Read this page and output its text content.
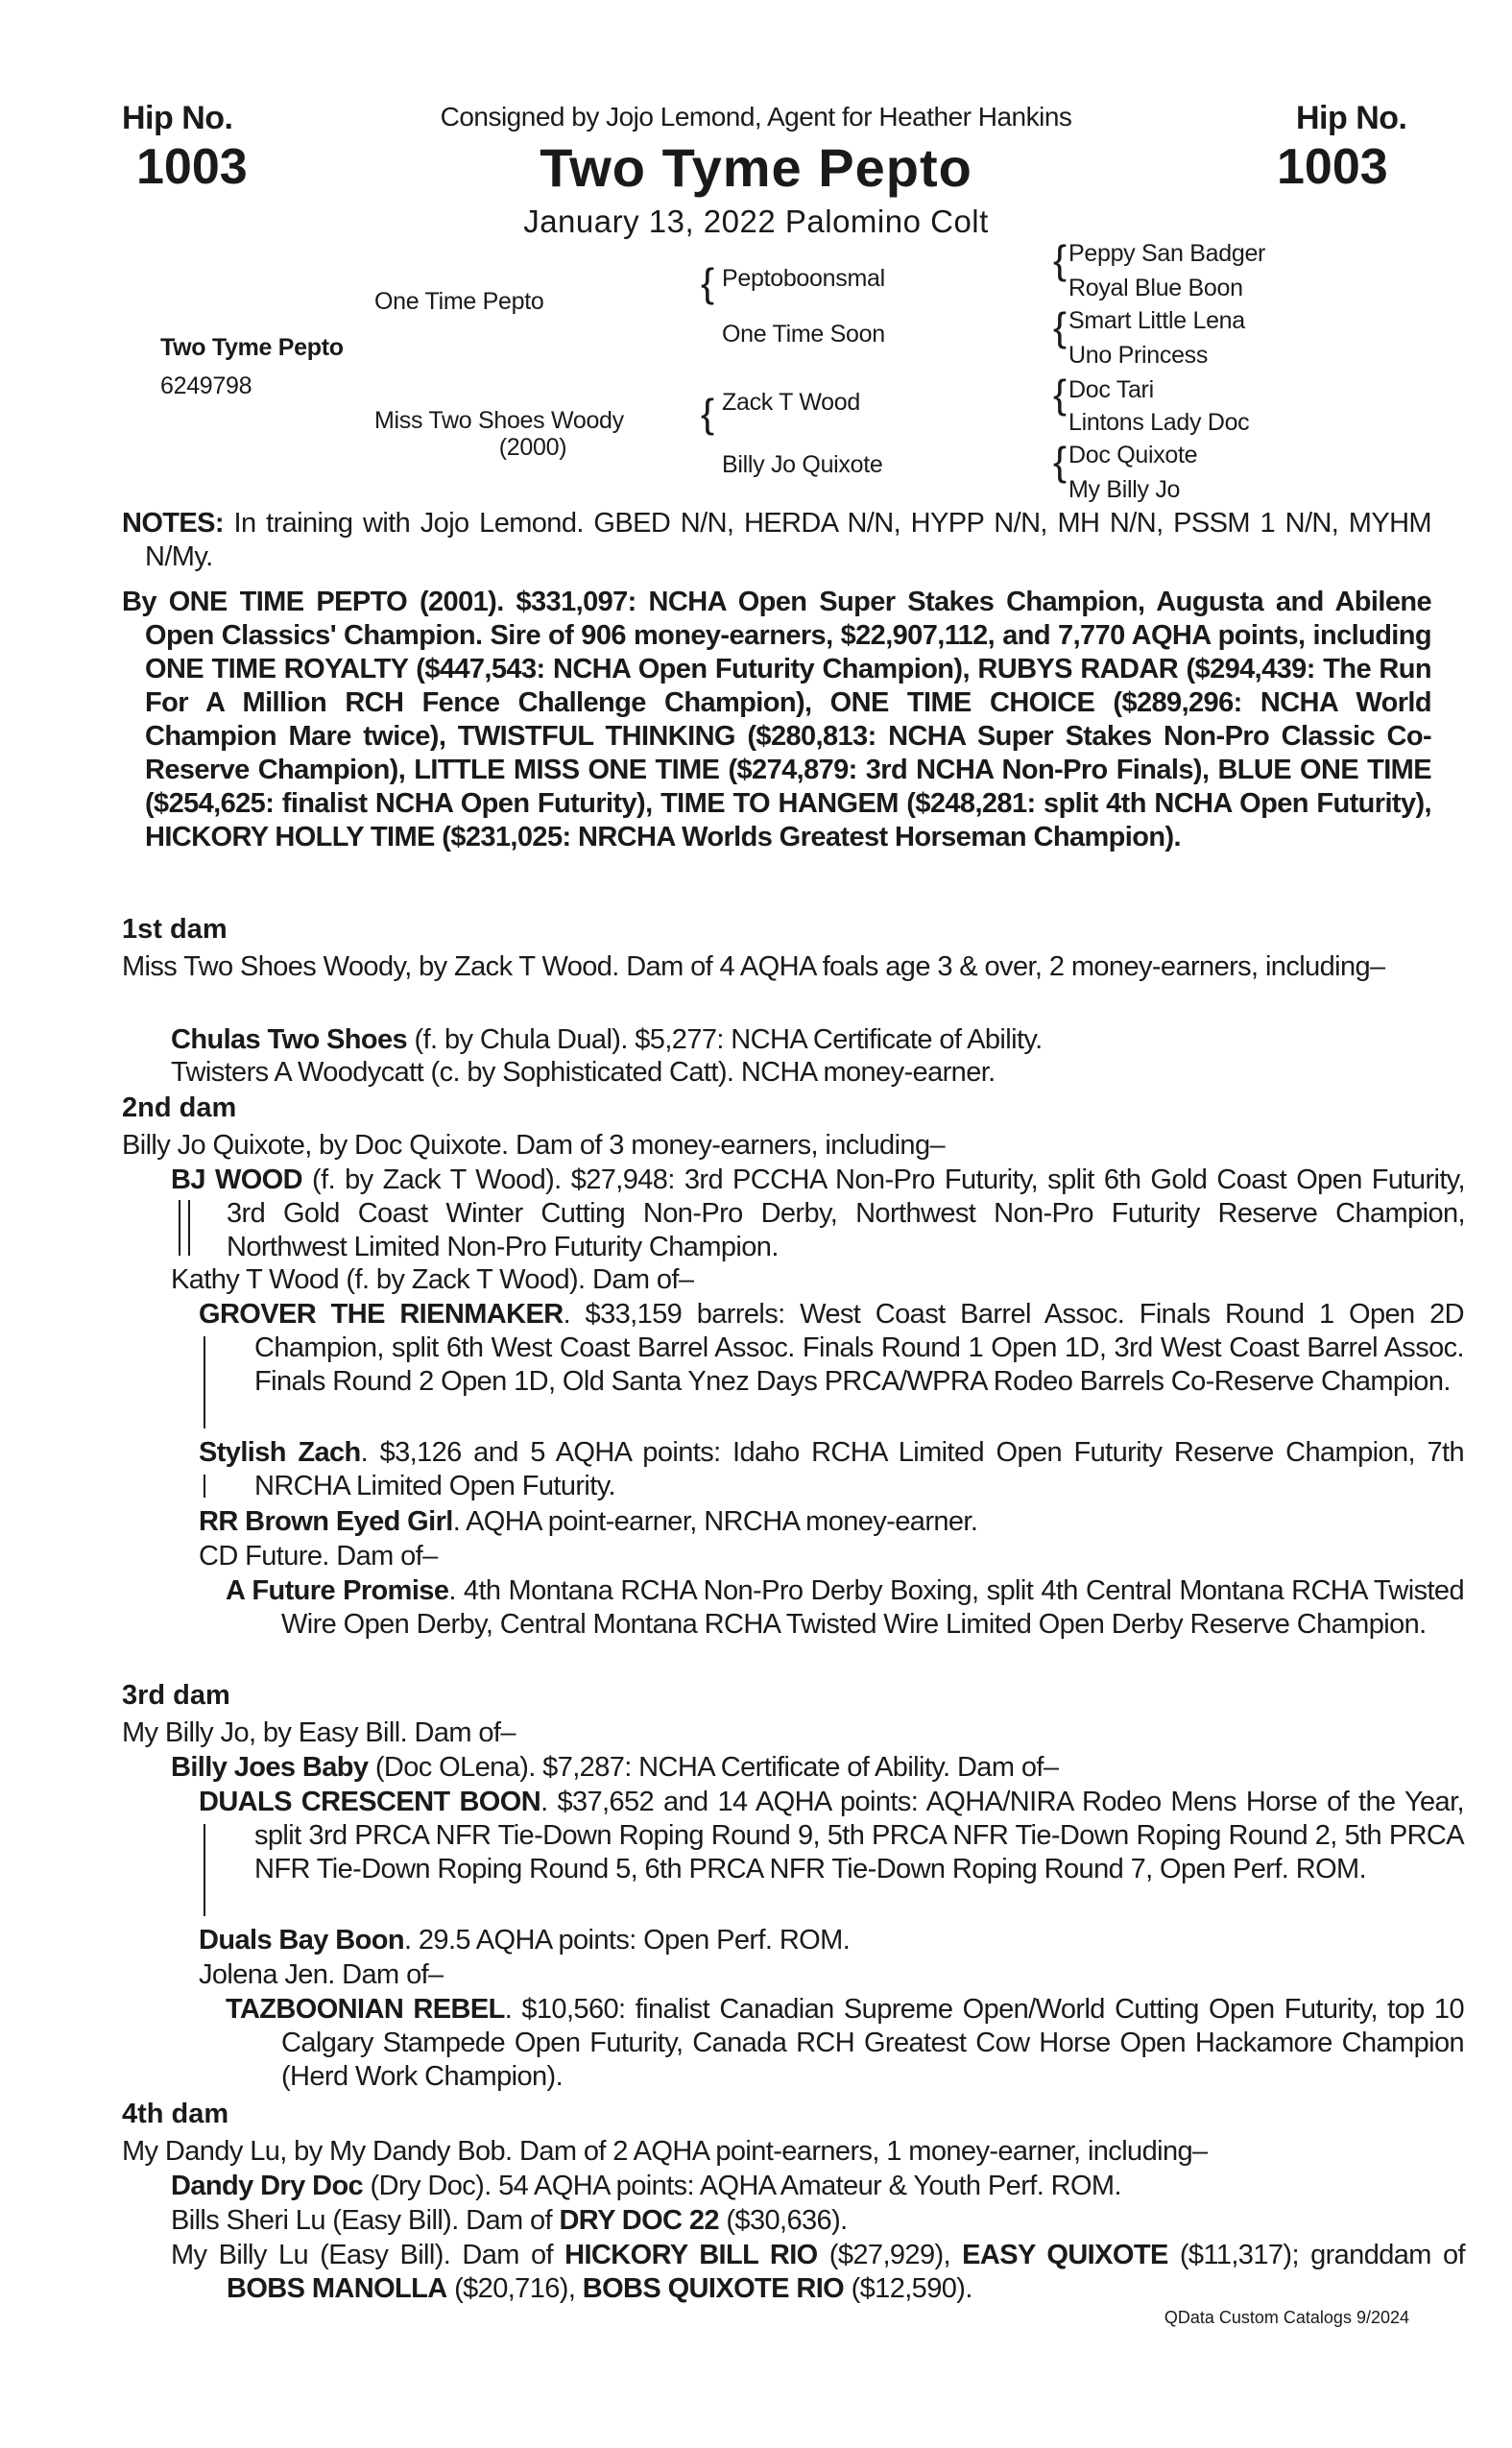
Hip No.
1003
Hip No.
1003
Consigned by Jojo Lemond, Agent for Heather Hankins
Two Tyme Pepto
January 13, 2022 Palomino Colt
Two Tyme Pepto
6249798
One Time Pepto
Miss Two Shoes Woody
(2000)
{ Peptoboonsmal
One Time Soon
{ Zack T Wood
Billy Jo Quixote
{ Peppy San Badger
Royal Blue Boon
{ Smart Little Lena
Uno Princess
{ Doc Tari
Lintons Lady Doc
{ Doc Quixote
My Billy Jo
NOTES: In training with Jojo Lemond. GBED N/N, HERDA N/N, HYPP N/N, MH N/N, PSSM 1 N/N, MYHM N/My.
By ONE TIME PEPTO (2001). $331,097: NCHA Open Super Stakes Champion, Augusta and Abilene Open Classics' Champion. Sire of 906 money-earners, $22,907,112, and 7,770 AQHA points, including ONE TIME ROYALTY ($447,543: NCHA Open Futurity Champion), RUBYS RADAR ($294,439: The Run For A Million RCH Fence Challenge Champion), ONE TIME CHOICE ($289,296: NCHA World Champion Mare twice), TWISTFUL THINKING ($280,813: NCHA Super Stakes Non-Pro Classic Co-Reserve Champion), LITTLE MISS ONE TIME ($274,879: 3rd NCHA Non-Pro Finals), BLUE ONE TIME ($254,625: finalist NCHA Open Futurity), TIME TO HANGEM ($248,281: split 4th NCHA Open Futurity), HICKORY HOLLY TIME ($231,025: NRCHA Worlds Greatest Horseman Champion).
1st dam
Miss Two Shoes Woody, by Zack T Wood. Dam of 4 AQHA foals age 3 & over, 2 money-earners, including–
Chulas Two Shoes (f. by Chula Dual). $5,277: NCHA Certificate of Ability.
Twisters A Woodycatt (c. by Sophisticated Catt). NCHA money-earner.
2nd dam
Billy Jo Quixote, by Doc Quixote. Dam of 3 money-earners, including–
BJ WOOD (f. by Zack T Wood). $27,948: 3rd PCCHA Non-Pro Futurity, split 6th Gold Coast Open Futurity, 3rd Gold Coast Winter Cutting Non-Pro Derby, Northwest Non-Pro Futurity Reserve Champion, Northwest Limited Non-Pro Futurity Champion.
Kathy T Wood (f. by Zack T Wood). Dam of–
GROVER THE RIENMAKER. $33,159 barrels: West Coast Barrel Assoc. Finals Round 1 Open 2D Champion, split 6th West Coast Barrel Assoc. Finals Round 1 Open 1D, 3rd West Coast Barrel Assoc. Finals Round 2 Open 1D, Old Santa Ynez Days PRCA/WPRA Rodeo Barrels Co-Reserve Champion.
Stylish Zach. $3,126 and 5 AQHA points: Idaho RCHA Limited Open Futurity Reserve Champion, 7th NRCHA Limited Open Futurity.
RR Brown Eyed Girl. AQHA point-earner, NRCHA money-earner.
CD Future. Dam of–
A Future Promise. 4th Montana RCHA Non-Pro Derby Boxing, split 4th Central Montana RCHA Twisted Wire Open Derby, Central Montana RCHA Twisted Wire Limited Open Derby Reserve Champion.
3rd dam
My Billy Jo, by Easy Bill. Dam of–
Billy Joes Baby (Doc OLena). $7,287: NCHA Certificate of Ability. Dam of–
DUALS CRESCENT BOON. $37,652 and 14 AQHA points: AQHA/NIRA Rodeo Mens Horse of the Year, split 3rd PRCA NFR Tie-Down Roping Round 9, 5th PRCA NFR Tie-Down Roping Round 2, 5th PRCA NFR Tie-Down Roping Round 5, 6th PRCA NFR Tie-Down Roping Round 7, Open Perf. ROM.
Duals Bay Boon. 29.5 AQHA points: Open Perf. ROM.
Jolena Jen. Dam of–
TAZBOONIAN REBEL. $10,560: finalist Canadian Supreme Open/World Cutting Open Futurity, top 10 Calgary Stampede Open Futurity, Canada RCH Greatest Cow Horse Open Hackamore Champion (Herd Work Champion).
4th dam
My Dandy Lu, by My Dandy Bob. Dam of 2 AQHA point-earners, 1 money-earner, including–
Dandy Dry Doc (Dry Doc). 54 AQHA points: AQHA Amateur & Youth Perf. ROM.
Bills Sheri Lu (Easy Bill). Dam of DRY DOC 22 ($30,636).
My Billy Lu (Easy Bill). Dam of HICKORY BILL RIO ($27,929), EASY QUIXOTE ($11,317); granddam of BOBS MANOLLA ($20,716), BOBS QUIXOTE RIO ($12,590).
QData Custom Catalogs 9/2024
